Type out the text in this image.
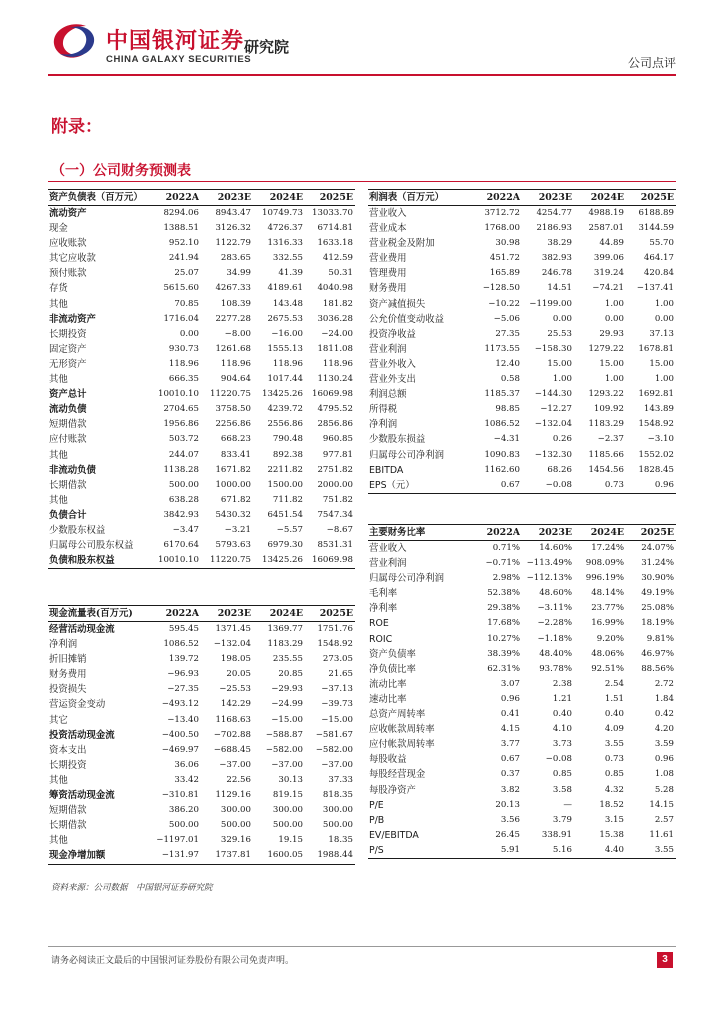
中国银河证券
CHINA GALAXY SECURITIES
研究院
公司点评
附录：
（一）公司财务预测表
资产负债表（百万元）	2022A	2023E	2024E	2025E
流动资产	8294.06	8943.47	10749.73	13033.70
现金	1388.51	3126.32	4726.37	6714.81
应收账款	952.10	1122.79	1316.33	1633.18
其它应收款	241.94	283.65	332.55	412.59
预付账款	25.07	34.99	41.39	50.31
存货	5615.60	4267.33	4189.61	4040.98
其他	70.85	108.39	143.48	181.82
非流动资产	1716.04	2277.28	2675.53	3036.28
长期投资	0.00	−8.00	−16.00	−24.00
固定资产	930.73	1261.68	1555.13	1811.08
无形资产	118.96	118.96	118.96	118.96
其他	666.35	904.64	1017.44	1130.24
资产总计	10010.10	11220.75	13425.26	16069.98
流动负债	2704.65	3758.50	4239.72	4795.52
短期借款	1956.86	2256.86	2556.86	2856.86
应付账款	503.72	668.23	790.48	960.85
其他	244.07	833.41	892.38	977.81
非流动负债	1138.28	1671.82	2211.82	2751.82
长期借款	500.00	1000.00	1500.00	2000.00
其他	638.28	671.82	711.82	751.82
负债合计	3842.93	5430.32	6451.54	7547.34
少数股东权益	−3.47	−3.21	−5.57	−8.67
归属母公司股东权益	6170.64	5793.63	6979.30	8531.31
负债和股东权益	10010.10	11220.75	13425.26	16069.98
利润表（百万元）	2022A	2023E	2024E	2025E
营业收入	3712.72	4254.77	4988.19	6188.89
营业成本	1768.00	2186.93	2587.01	3144.59
营业税金及附加	30.98	38.29	44.89	55.70
营业费用	451.72	382.93	399.06	464.17
管理费用	165.89	246.78	319.24	420.84
财务费用	−128.50	14.51	−74.21	−137.41
资产减值损失	−10.22	−1199.00	1.00	1.00
公允价值变动收益	−5.06	0.00	0.00	0.00
投资净收益	27.35	25.53	29.93	37.13
营业利润	1173.55	−158.30	1279.22	1678.81
营业外收入	12.40	15.00	15.00	15.00
营业外支出	0.58	1.00	1.00	1.00
利润总额	1185.37	−144.30	1293.22	1692.81
所得税	98.85	−12.27	109.92	143.89
净利润	1086.52	−132.04	1183.29	1548.92
少数股东损益	−4.31	0.26	−2.37	−3.10
归属母公司净利润	1090.83	−132.30	1185.66	1552.02
EBITDA	1162.60	68.26	1454.56	1828.45
EPS（元）	0.67	−0.08	0.73	0.96
现金流量表(百万元)	2022A	2023E	2024E	2025E
经营活动现金流	595.45	1371.45	1369.77	1751.76
净利润	1086.52	−132.04	1183.29	1548.92
折旧摊销	139.72	198.05	235.55	273.05
财务费用	−96.93	20.05	20.85	21.65
投资损失	−27.35	−25.53	−29.93	−37.13
营运资金变动	−493.12	142.29	−24.99	−39.73
其它	−13.40	1168.63	−15.00	−15.00
投资活动现金流	−400.50	−702.88	−588.87	−581.67
资本支出	−469.97	−688.45	−582.00	−582.00
长期投资	36.06	−37.00	−37.00	−37.00
其他	33.42	22.56	30.13	37.33
筹资活动现金流	−310.81	1129.16	819.15	818.35
短期借款	386.20	300.00	300.00	300.00
长期借款	500.00	500.00	500.00	500.00
其他	−1197.01	329.16	19.15	18.35
现金净增加额	−131.97	1737.81	1600.05	1988.44
主要财务比率	2022A	2023E	2024E	2025E
营业收入	0.71%	14.60%	17.24%	24.07%
营业利润	−0.71%	−113.49%	908.09%	31.24%
归属母公司净利润	2.98%	−112.13%	996.19%	30.90%
毛利率	52.38%	48.60%	48.14%	49.19%
净利率	29.38%	−3.11%	23.77%	25.08%
ROE	17.68%	−2.28%	16.99%	18.19%
ROIC	10.27%	−1.18%	9.20%	9.81%
资产负债率	38.39%	48.40%	48.06%	46.97%
净负债比率	62.31%	93.78%	92.51%	88.56%
流动比率	3.07	2.38	2.54	2.72
速动比率	0.96	1.21	1.51	1.84
总资产周转率	0.41	0.40	0.40	0.42
应收帐款周转率	4.15	4.10	4.09	4.20
应付帐款周转率	3.77	3.73	3.55	3.59
每股收益	0.67	−0.08	0.73	0.96
每股经营现金	0.37	0.85	0.85	1.08
每股净资产	3.82	3.58	4.32	5.28
P/E	20.13	—	18.52	14.15
P/B	3.56	3.79	3.15	2.57
EV/EBITDA	26.45	338.91	15.38	11.61
P/S	5.91	5.16	4.40	3.55
资料来源：公司数据　中国银河证券研究院
请务必阅读正文最后的中国银河证券股份有限公司免责声明。	3
